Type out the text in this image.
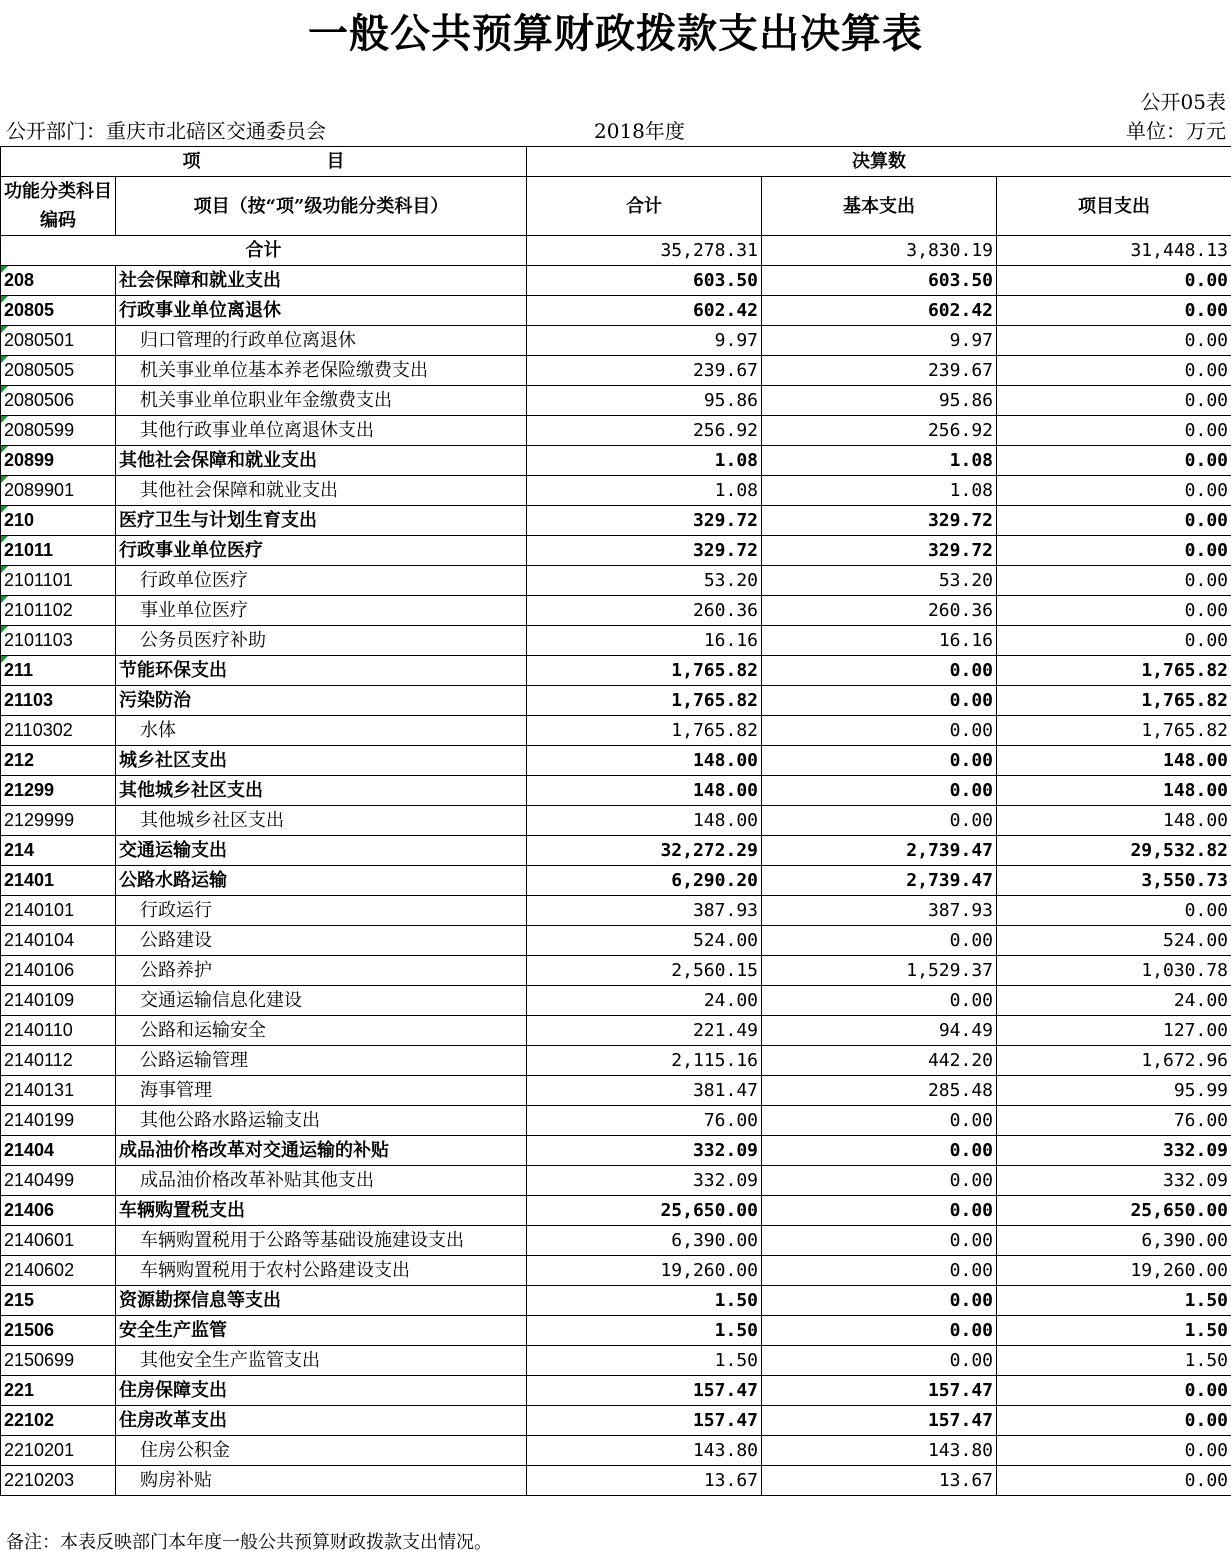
一般公共预算财政拨款支出决算表
公开05表
公开部门：重庆市北碚区交通委员会	2018年度	单位：万元
项　　　　　　　目		决算数		
功能分类科目编码	项目（按“项”级功能分类科目）	合计	基本支出	项目支出
合计		35,278.31	3,830.19	31,448.13

208	社会保障和就业支出	603.50	603.50	0.00

20805	行政事业单位离退休	602.42	602.42	0.00

2080501	归口管理的行政单位离退休	9.97	9.97	0.00

2080505	机关事业单位基本养老保险缴费支出	239.67	239.67	0.00

2080506	机关事业单位职业年金缴费支出	95.86	95.86	0.00

2080599	其他行政事业单位离退休支出	256.92	256.92	0.00

20899	其他社会保障和就业支出	1.08	1.08	0.00

2089901	其他社会保障和就业支出	1.08	1.08	0.00

210	医疗卫生与计划生育支出	329.72	329.72	0.00

21011	行政事业单位医疗	329.72	329.72	0.00

2101101	行政单位医疗	53.20	53.20	0.00

2101102	事业单位医疗	260.36	260.36	0.00

2101103	公务员医疗补助	16.16	16.16	0.00

211	节能环保支出	1,765.82	0.00	1,765.82
21103	污染防治	1,765.82	0.00	1,765.82
2110302	水体	1,765.82	0.00	1,765.82
212	城乡社区支出	148.00	0.00	148.00
21299	其他城乡社区支出	148.00	0.00	148.00
2129999	其他城乡社区支出	148.00	0.00	148.00
214	交通运输支出	32,272.29	2,739.47	29,532.82
21401	公路水路运输	6,290.20	2,739.47	3,550.73
2140101	行政运行	387.93	387.93	0.00
2140104	公路建设	524.00	0.00	524.00
2140106	公路养护	2,560.15	1,529.37	1,030.78
2140109	交通运输信息化建设	24.00	0.00	24.00
2140110	公路和运输安全	221.49	94.49	127.00
2140112	公路运输管理	2,115.16	442.20	1,672.96
2140131	海事管理	381.47	285.48	95.99
2140199	其他公路水路运输支出	76.00	0.00	76.00
21404	成品油价格改革对交通运输的补贴	332.09	0.00	332.09
2140499	成品油价格改革补贴其他支出	332.09	0.00	332.09
21406	车辆购置税支出	25,650.00	0.00	25,650.00
2140601	车辆购置税用于公路等基础设施建设支出	6,390.00	0.00	6,390.00
2140602	车辆购置税用于农村公路建设支出	19,260.00	0.00	19,260.00
215	资源勘探信息等支出	1.50	0.00	1.50
21506	安全生产监管	1.50	0.00	1.50
2150699	其他安全生产监管支出	1.50	0.00	1.50
221	住房保障支出	157.47	157.47	0.00
22102	住房改革支出	157.47	157.47	0.00
2210201	住房公积金	143.80	143.80	0.00
2210203	购房补贴	13.67	13.67	0.00
备注：本表反映部门本年度一般公共预算财政拨款支出情况。
